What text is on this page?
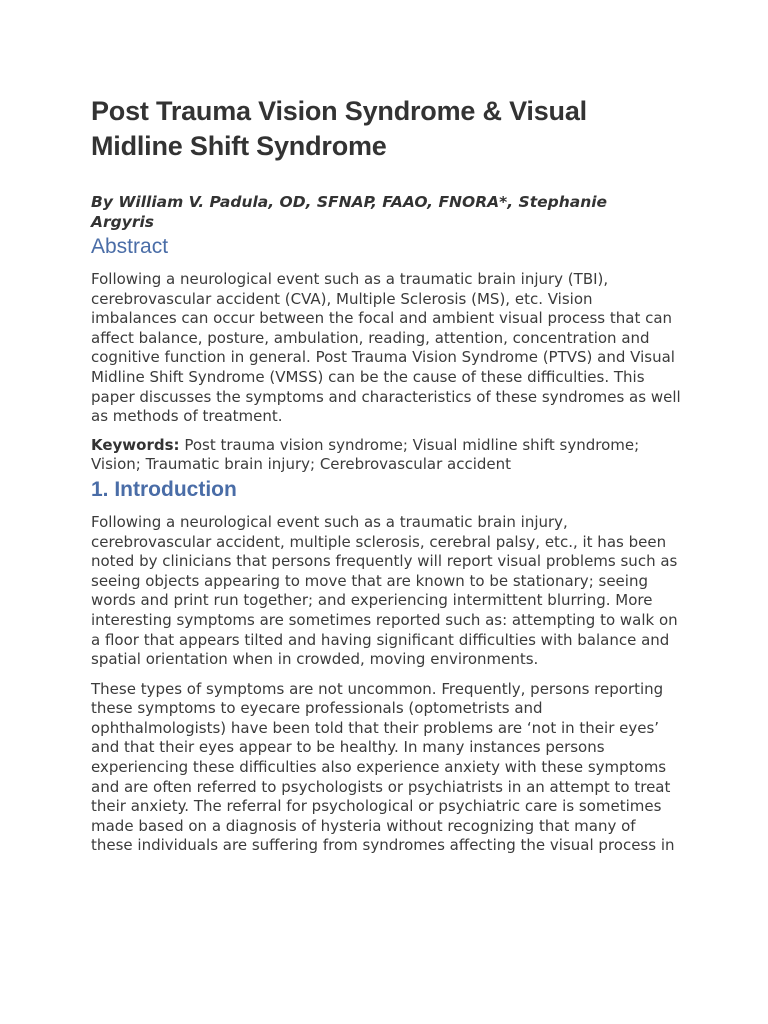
Post Trauma Vision Syndrome & Visual
Midline Shift Syndrome

By William V. Padula, OD, SFNAP, FAAO, FNORA*, Stephanie Argyris

Abstract

Following a neurological event such as a traumatic brain injury (TBI), cerebrovascular accident (CVA), Multiple Sclerosis (MS), etc. Vision imbalances can occur between the focal and ambient visual process that can affect balance, posture, ambulation, reading, attention, concentration and cognitive function in general. Post Trauma Vision Syndrome (PTVS) and Visual Midline Shift Syndrome (VMSS) can be the cause of these difficulties. This paper discusses the symptoms and characteristics of these syndromes as well as methods of treatment.

Keywords: Post trauma vision syndrome; Visual midline shift syndrome; Vision; Traumatic brain injury; Cerebrovascular accident

1. Introduction

Following a neurological event such as a traumatic brain injury, cerebrovascular accident, multiple sclerosis, cerebral palsy, etc., it has been noted by clinicians that persons frequently will report visual problems such as seeing objects appearing to move that are known to be stationary; seeing words and print run together; and experiencing intermittent blurring. More interesting symptoms are sometimes reported such as: attempting to walk on a floor that appears tilted and having significant difficulties with balance and spatial orientation when in crowded, moving environments.

These types of symptoms are not uncommon. Frequently, persons reporting these symptoms to eyecare professionals (optometrists and ophthalmologists) have been told that their problems are ‘not in their eyes’ and that their eyes appear to be healthy. In many instances persons experiencing these difficulties also experience anxiety with these symptoms and are often referred to psychologists or psychiatrists in an attempt to treat their anxiety. The referral for psychological or psychiatric care is sometimes made based on a diagnosis of hysteria without recognizing that many of these individuals are suffering from syndromes affecting the visual process in
